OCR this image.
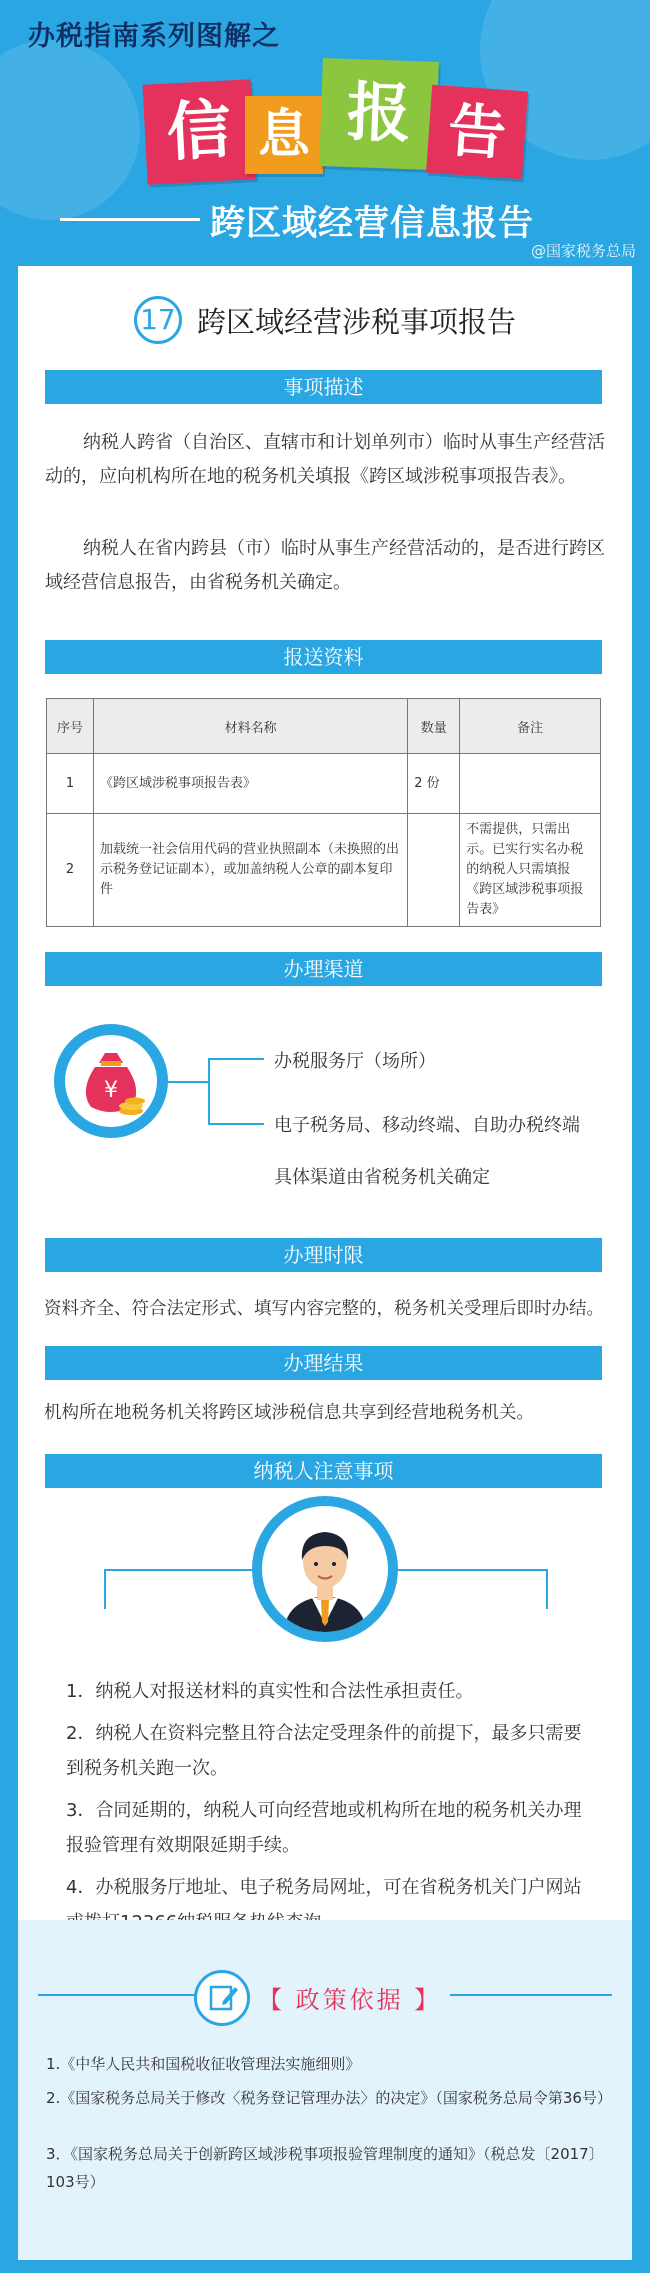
办税指南系列图解之
信 息 报 告
跨区域经营信息报告
@国家税务总局
17 跨区域经营涉税事项报告
事项描述
纳税人跨省（自治区、直辖市和计划单列市）临时从事生产经营活动的，应向机构所在地的税务机关填报《跨区域涉税事项报告表》。
纳税人在省内跨县（市）临时从事生产经营活动的，是否进行跨区域经营信息报告，由省税务机关确定。
报送资料
序号	材料名称	数量	备注
1	《跨区域涉税事项报告表》	2 份	
2	加载统一社会信用代码的营业执照副本（未换照的出示税务登记证副本），或加盖纳税人公章的副本复印件		不需提供，只需出示。已实行实名办税的纳税人只需填报《跨区域涉税事项报告表》
办理渠道
¥
办税服务厅（场所）
电子税务局、移动终端、自助办税终端
具体渠道由省税务机关确定
办理时限
资料齐全、符合法定形式、填写内容完整的，税务机关受理后即时办结。
办理结果
机构所在地税务机关将跨区域涉税信息共享到经营地税务机关。
纳税人注意事项
1．纳税人对报送材料的真实性和合法性承担责任。
2．纳税人在资料完整且符合法定受理条件的前提下，最多只需要到税务机关跑一次。
3．合同延期的，纳税人可向经营地或机构所在地的税务机关办理报验管理有效期限延期手续。
4．办税服务厅地址、电子税务局网址，可在省税务机关门户网站
【 政策依据 】
1.《中华人民共和国税收征收管理法实施细则》
2.《国家税务总局关于修改〈税务登记管理办法〉的决定》（国家税务总局令第36号）
3．《国家税务总局关于创新跨区域涉税事项报验管理制度的通知》（税总发〔2017〕103号）
